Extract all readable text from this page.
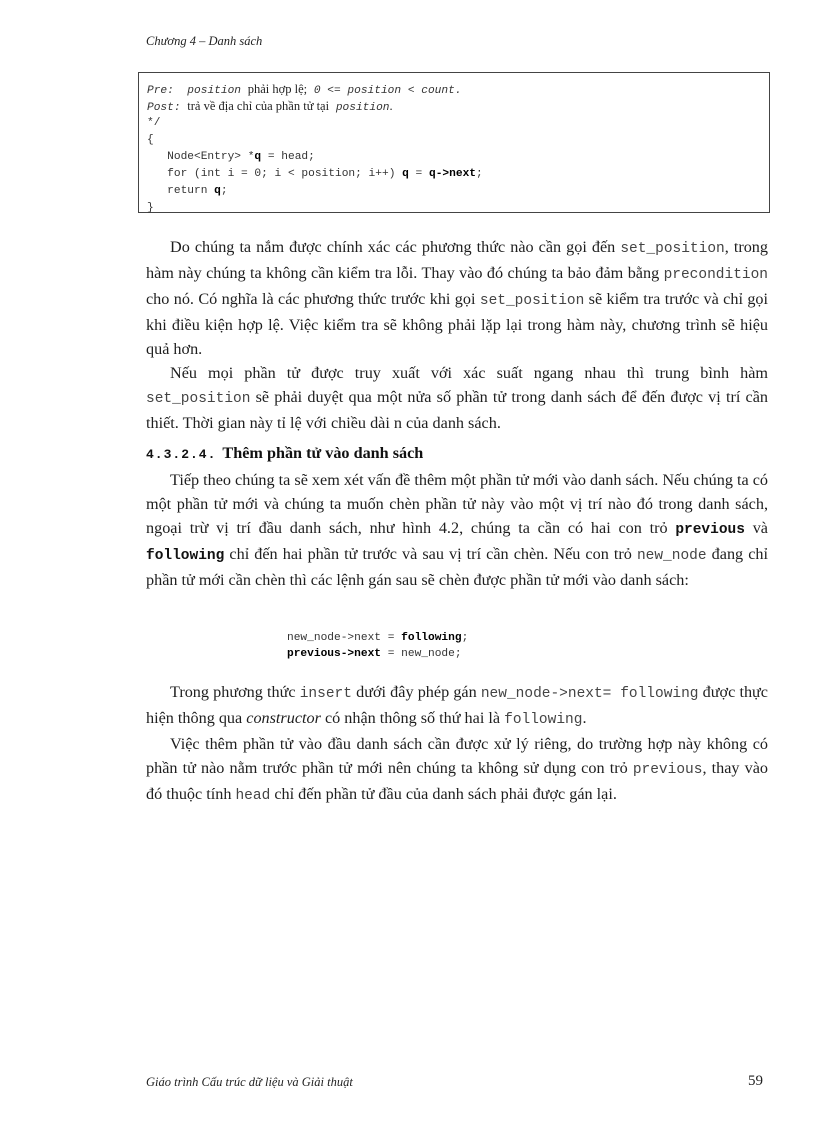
Chương 4 – Danh sách
Pre: position phải hợp lệ; 0 <= position < count.
Post: trả về địa chỉ của phần tử tại position.
*/
{
Node<Entry> *q = head;
for (int i = 0; i < position; i++) q = q->next;
return q;
}

Do chúng ta nắm được chính xác các phương thức nào cần gọi đến set_position, trong hàm này chúng ta không cần kiểm tra lỗi. Thay vào đó chúng ta bảo đảm bằng precondition cho nó. Có nghĩa là các phương thức trước khi gọi set_position sẽ kiểm tra trước và chỉ gọi khi điều kiện hợp lệ. Việc kiểm tra sẽ không phải lặp lại trong hàm này, chương trình sẽ hiệu quả hơn.

Nếu mọi phần tử được truy xuất với xác suất ngang nhau thì trung bình hàm set_position sẽ phải duyệt qua một nửa số phần tử trong danh sách để đến được vị trí cần thiết. Thời gian này tỉ lệ với chiều dài n của danh sách.

4.3.2.4. Thêm phần tử vào danh sách

Tiếp theo chúng ta sẽ xem xét vấn đề thêm một phần tử mới vào danh sách. Nếu chúng ta có một phần tử mới và chúng ta muốn chèn phần tử này vào một vị trí nào đó trong danh sách, ngoại trừ vị trí đầu danh sách, như hình 4.2, chúng ta cần có hai con trỏ previous và following chỉ đến hai phần tử trước và sau vị trí cần chèn. Nếu con trỏ new_node đang chỉ phần tử mới cần chèn thì các lệnh gán sau sẽ chèn được phần tử mới vào danh sách:

new_node->next = following;
previous->next = new_node;

Trong phương thức insert dưới đây phép gán new_node->next= following được thực hiện thông qua constructor có nhận thông số thứ hai là following.

Việc thêm phần tử vào đầu danh sách cần được xử lý riêng, do trường hợp này không có phần tử nào nằm trước phần tử mới nên chúng ta không sử dụng con trỏ previous, thay vào đó thuộc tính head chỉ đến phần tử đầu của danh sách phải được gán lại.

Giáo trình Cấu trúc dữ liệu và Giải thuật	59
